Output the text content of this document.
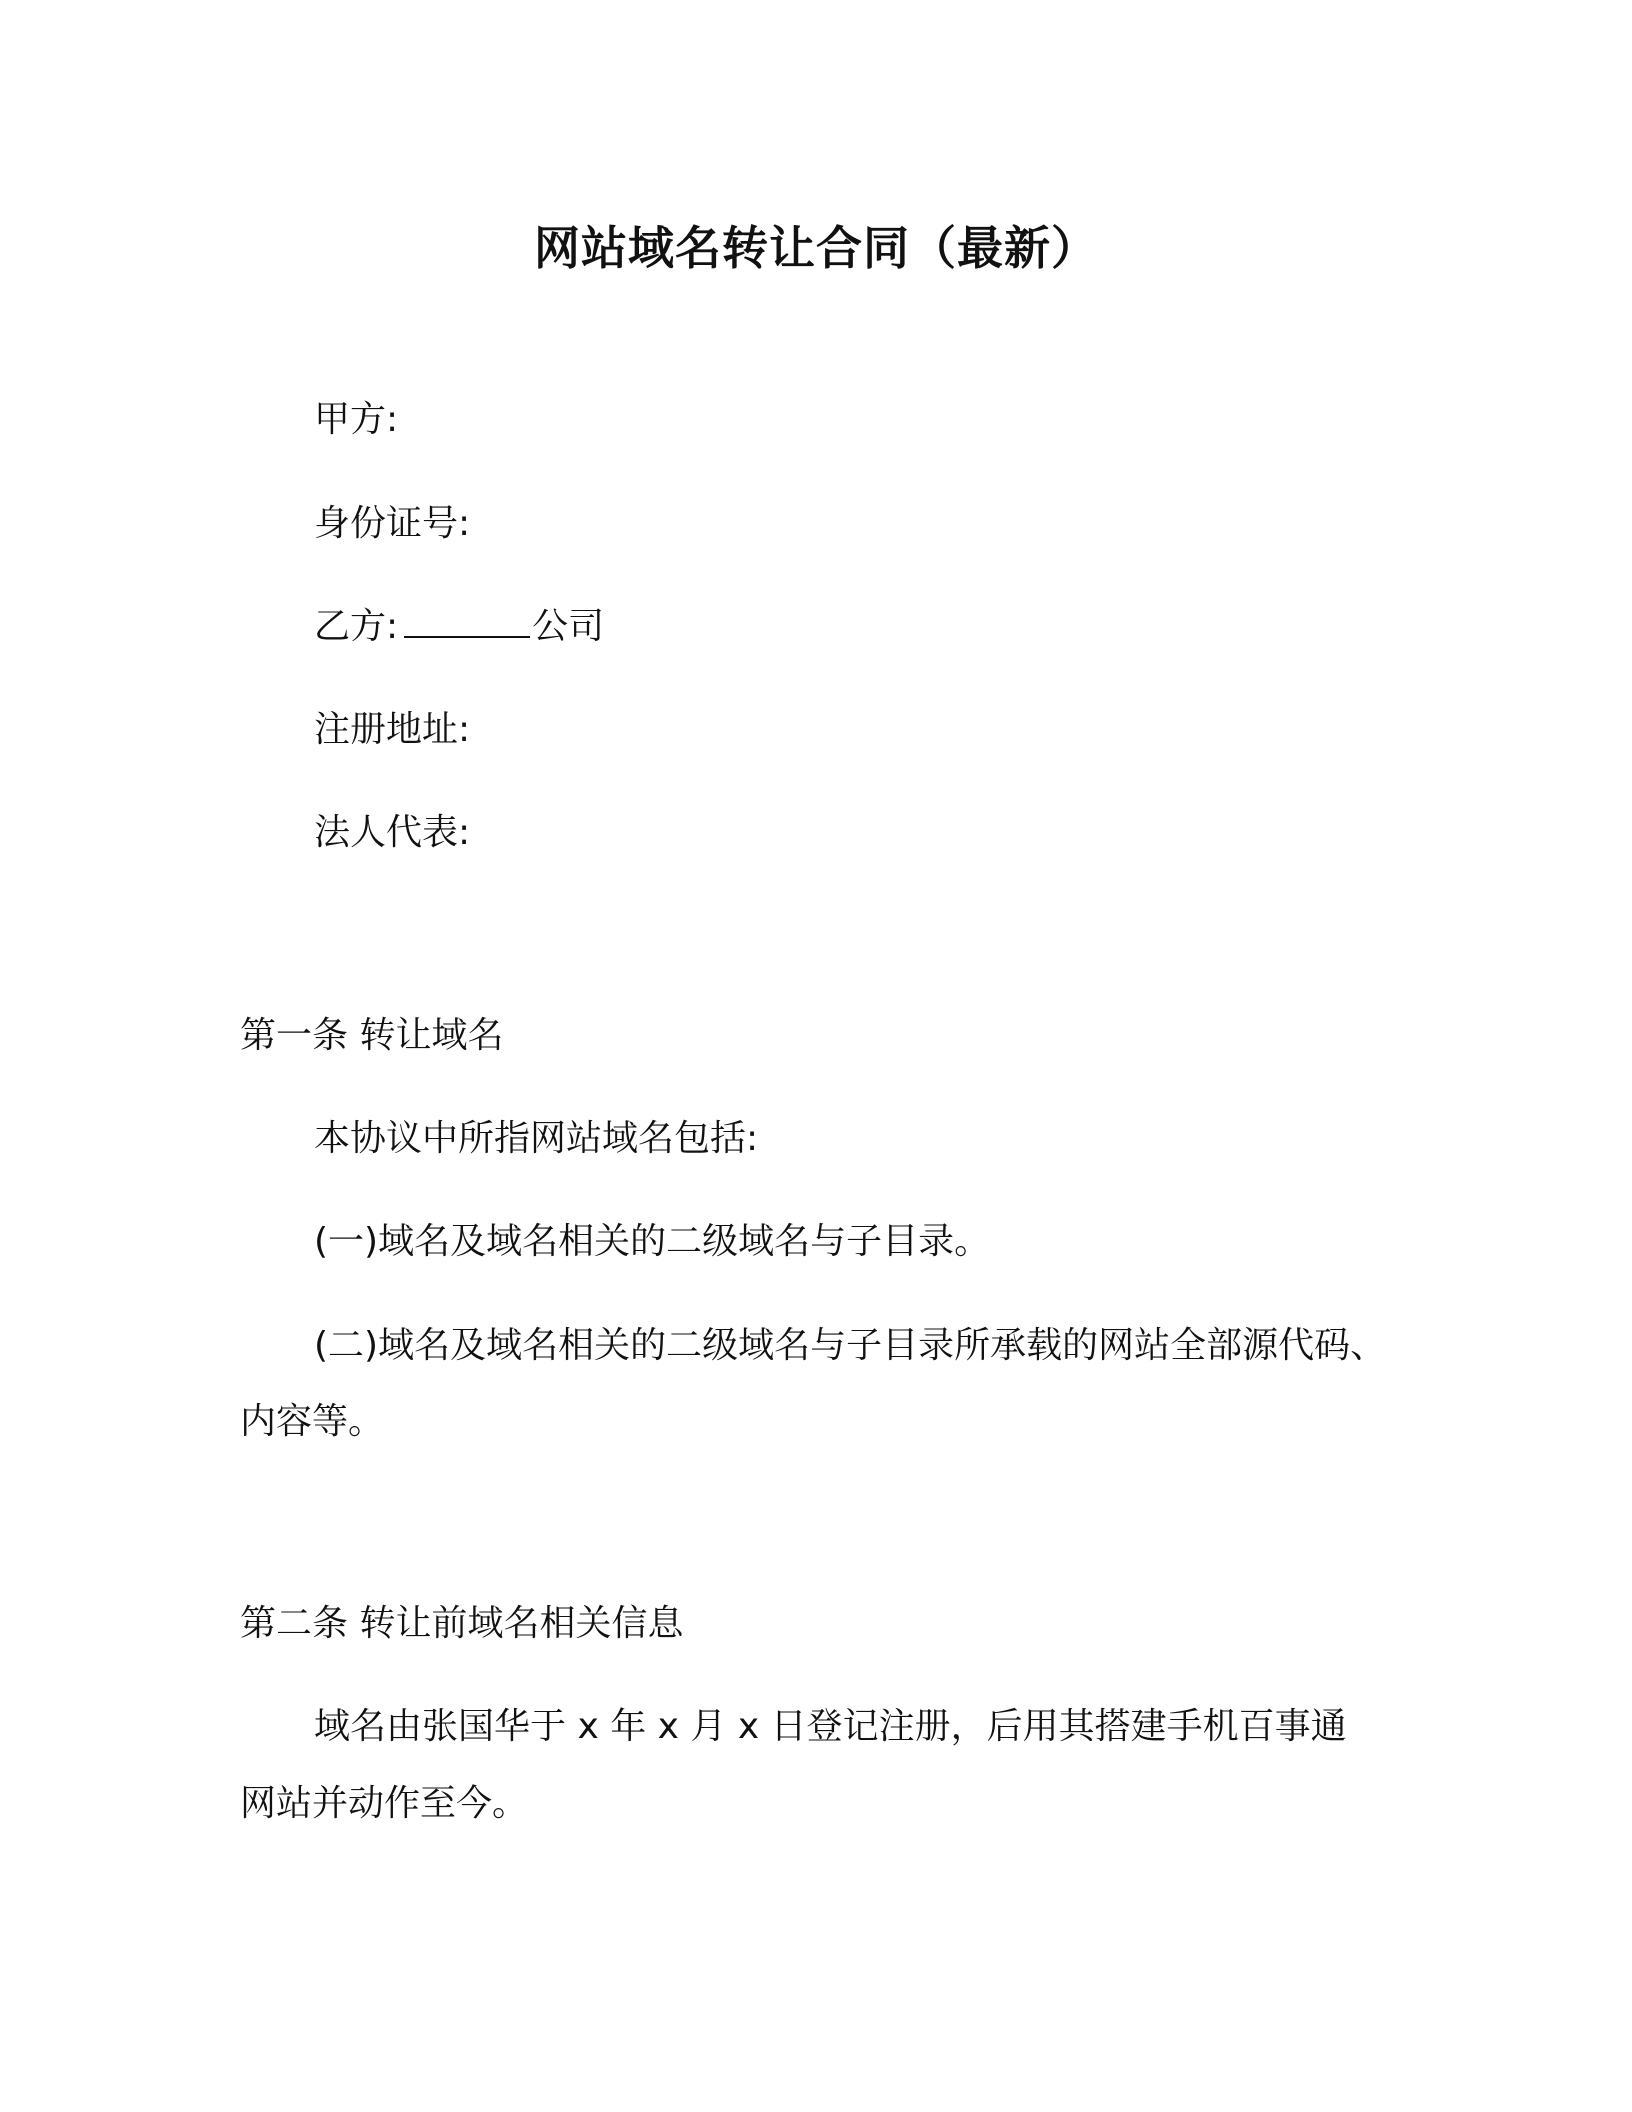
网站域名转让合同（最新）
甲方:
身份证号:
乙方:	公司
注册地址:
法人代表:
第一条 转让域名
本协议中所指网站域名包括:
(一)域名及域名相关的二级域名与子目录。
(二)域名及域名相关的二级域名与子目录所承载的网站全部源代码、
内容等。
第二条 转让前域名相关信息
域名由张国华于 x 年 x 月 x 日登记注册，后用其搭建手机百事通
网站并动作至今。
